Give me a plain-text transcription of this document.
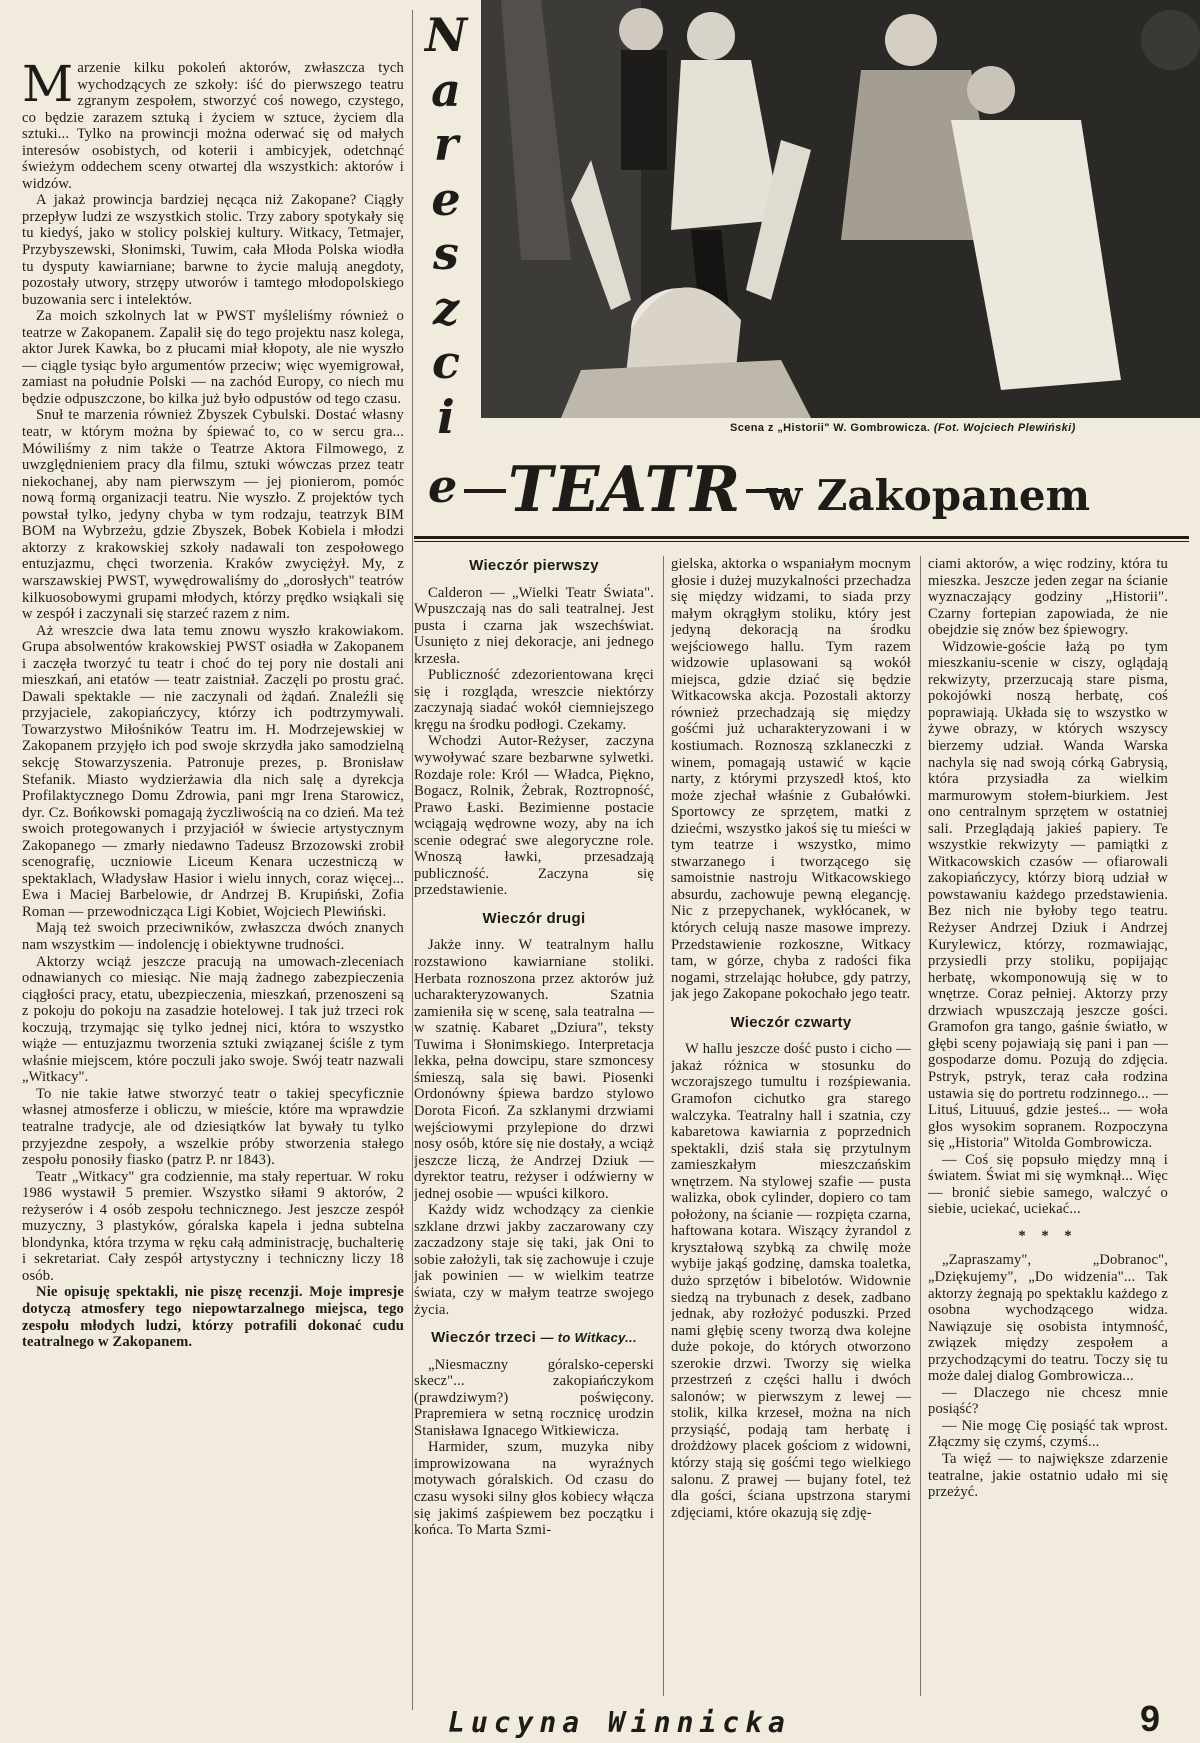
Marzenie kilku pokoleń aktorów, zwłaszcza tych wychodzących ze szkoły: iść do pierwszego teatru zgranym zespołem, stworzyć coś nowego, czystego, co będzie zarazem sztuką i życiem w sztuce, życiem dla sztuki... Tylko na prowincji można oderwać się od małych interesów osobistych, od koterii i ambicyjek, odetchnąć świeżym oddechem sceny otwartej dla wszystkich: aktorów i widzów.

A jakaż prowincja bardziej nęcąca niż Zakopane? Ciągły przepływ ludzi ze wszystkich stolic. Trzy zabory spotykały się tu kiedyś, jako w stolicy polskiej kultury. Witkacy, Tetmajer, Przybyszewski, Słonimski, Tuwim, cała Młoda Polska wiodła tu dysputy kawiarniane; barwne to życie malują anegdoty, pozostały utwory, strzępy utworów i tamtego młodopolskiego buzowania serc i intelektów.

Za moich szkolnych lat w PWST myśleliśmy również o teatrze w Zakopanem. Zapalił się do tego projektu nasz kolega, aktor Jurek Kawka, bo z płucami miał kłopoty, ale nie wyszło — ciągle tysiąc było argumentów przeciw; więc wyemigrował, zamiast na południe Polski — na zachód Europy, co niech mu będzie odpuszczone, bo kilka już było odpustów od tego czasu.

Snuł te marzenia również Zbyszek Cybulski. Dostać własny teatr, w którym można by śpiewać to, co w sercu gra... Mówiliśmy z nim także o Teatrze Aktora Filmowego, z uwzględnieniem pracy dla filmu, sztuki wówczas przez teatr niekochanej, aby nam pierwszym — jej pionierom, pomóc nową formą organizacji teatru. Nie wyszło. Z projektów tych powstał tylko, jedyny chyba w tym rodzaju, teatrzyk BIM BOM na Wybrzeżu, gdzie Zbyszek, Bobek Kobiela i młodzi aktorzy z krakowskiej szkoły nadawali ton zespołowego entuzjazmu, chęci tworzenia. Kraków zwyciężył. My, z warszawskiej PWST, wywędrowaliśmy do „dorosłych" teatrów kilkuosobowymi grupami młodych, którzy prędko wsiąkali się w zespół i zaczynali się starzeć razem z nim.

Aż wreszcie dwa lata temu znowu wyszło krakowiakom. Grupa absolwentów krakowskiej PWST osiadła w Zakopanem i zaczęła tworzyć tu teatr i choć do tej pory nie dostali ani mieszkań, ani etatów — teatr zaistniał. Zaczęli po prostu grać. Dawali spektakle — nie zaczynali od żądań. Znaleźli się przyjaciele, zakopiańczycy, którzy ich podtrzymywali. Towarzystwo Miłośników Teatru im. H. Modrzejewskiej w Zakopanem przyjęło ich pod swoje skrzydła jako samodzielną sekcję Stowarzyszenia. Patronuje prezes, p. Bronisław Stefanik. Miasto wydzierżawia dla nich salę a dyrekcja Profilaktycznego Domu Zdrowia, pani mgr Irena Starowicz, dyr. Cz. Bońkowski pomagają życzliwością na co dzień. Ma też swoich protegowanych i przyjaciół w świecie artystycznym Zakopanego — zmarły niedawno Tadeusz Brzozowski zrobił scenografię, uczniowie Liceum Kenara uczestniczą w spektaklach, Władysław Hasior i wielu innych, coraz więcej... Ewa i Maciej Barbelowie, dr Andrzej B. Krupiński, Zofia Roman — przewodnicząca Ligi Kobiet, Wojciech Plewiński.

Mają też swoich przeciwników, zwłaszcza dwóch znanych nam wszystkim — indolencję i obiektywne trudności.

Aktorzy wciąż jeszcze pracują na umowach-zleceniach odnawianych co miesiąc. Nie mają żadnego zabezpieczenia ciągłości pracy, etatu, ubezpieczenia, mieszkań, przenoszeni są z pokoju do pokoju na zasadzie hotelowej. I tak już trzeci rok koczują, trzymając się tylko jednej nici, która to wszystko wiąże — entuzjazmu tworzenia sztuki związanej ściśle z tym właśnie miejscem, które poczuli jako swoje. Swój teatr nazwali „Witkacy".

To nie takie łatwe stworzyć teatr o takiej specyficznie własnej atmosferze i obliczu, w mieście, które ma wprawdzie teatralne tradycje, ale od dziesiątków lat bywały tu tylko przyjezdne zespoły, a wszelkie próby stworzenia stałego zespołu ponosiły fiasko (patrz P. nr 1843).

Teatr „Witkacy" gra codziennie, ma stały repertuar. W roku 1986 wystawił 5 premier. Wszystko siłami 9 aktorów, 2 reżyserów i 4 osób zespołu technicznego. Jest jeszcze zespół muzyczny, 3 plastyków, góralska kapela i jedna subtelna blondynka, która trzyma w ręku całą administrację, buchalterię i sekretariat. Cały zespół artystyczny i techniczny liczy 18 osób.

Nie opisuję spektakli, nie piszę recenzji. Moje impresje dotyczą atmosfery tego niepowtarzalnego miejsca, tego zespołu młodych ludzi, którzy potrafili dokonać cudu teatralnego w Zakopanem.

N
a
r
e
s
z
c
i	Scena z „Historii" W. Gombrowicza. (Fot. Wojciech Plewiński)
e TEATR w Zakopanem
Wieczór pierwszy

Calderon — „Wielki Teatr Świata". Wpuszczają nas do sali teatralnej. Jest pusta i czarna jak wszechświat. Usunięto z niej dekoracje, ani jednego krzesła.

Publiczność zdezorientowana kręci się i rozgląda, wreszcie niektórzy zaczynają siadać wokół ciemniejszego kręgu na środku podłogi. Czekamy.

Wchodzi Autor-Reżyser, zaczyna wywoływać szare bezbarwne sylwetki. Rozdaje role: Król — Władca, Piękno, Bogacz, Rolnik, Żebrak, Roztropność, Prawo Łaski. Bezimienne postacie wciągają wędrowne wozy, aby na ich scenie odegrać swe alegoryczne role. Wnoszą ławki, przesadzają publiczność. Zaczyna się przedstawienie.

Wieczór drugi

Jakże inny. W teatralnym hallu rozstawiono kawiarniane stoliki. Herbata roznoszona przez aktorów już ucharakteryzowanych. Szatnia zamieniła się w scenę, sala teatralna — w szatnię. Kabaret „Dziura", teksty Tuwima i Słonimskiego. Interpretacja lekka, pełna dowcipu, stare szmoncesy śmieszą, sala się bawi. Piosenki Ordonówny śpiewa bardzo stylowo Dorota Ficoń. Za szklanymi drzwiami wejściowymi przylepione do drzwi nosy osób, które się nie dostały, a wciąż jeszcze liczą, że Andrzej Dziuk — dyrektor teatru, reżyser i odźwierny w jednej osobie — wpuści kilkoro.

Każdy widz wchodzący za cienkie szklane drzwi jakby zaczarowany czy zaczadzony staje się taki, jak Oni to sobie założyli, tak się zachowuje i czuje jak powinien — w wielkim teatrze świata, czy w małym teatrze swojego życia.

Wieczór trzeci — to Witkacy...

„Niesmaczny góralsko-ceperski skecz"... zakopiańczykom (prawdziwym?) poświęcony. Prapremiera w setną rocznicę urodzin Stanisława Ignacego Witkiewicza.

Harmider, szum, muzyka niby improwizowana na wyraźnych motywach góralskich. Od czasu do czasu wysoki silny głos kobiecy włącza się jakimś zaśpiewem bez początku i końca. To Marta Szmi-

gielska, aktorka o wspaniałym mocnym głosie i dużej muzykalności przechadza się między widzami, to siada przy małym okrągłym stoliku, który jest jedyną dekoracją na środku wejściowego hallu. Tym razem widzowie uplasowani są wokół miejsca, gdzie dziać się będzie Witkacowska akcja. Pozostali aktorzy również przechadzają się między gośćmi już ucharakteryzowani i w kostiumach. Roznoszą szklaneczki z winem, pomagają ustawić w kącie narty, z którymi przyszedł ktoś, kto może zjechał właśnie z Gubałówki. Sportowcy ze sprzętem, matki z dziećmi, wszystko jakoś się tu mieści w tym teatrze i wszystko, mimo stwarzanego i tworzącego się samoistnie nastroju Witkacowskiego absurdu, zachowuje pewną elegancję. Nic z przepychanek, wykłócanek, w których celują nasze masowe imprezy. Przedstawienie rozkoszne, Witkacy tam, w górze, chyba z radości fika nogami, strzelając hołubce, gdy patrzy, jak jego Zakopane pokochało jego teatr.

Wieczór czwarty

W hallu jeszcze dość pusto i cicho — jakaż różnica w stosunku do wczorajszego tumultu i rozśpiewania. Gramofon cichutko gra starego walczyka. Teatralny hall i szatnia, czy kabaretowa kawiarnia z poprzednich spektakli, dziś stała się przytulnym zamieszkałym mieszczańskim wnętrzem. Na stylowej szafie — pusta walizka, obok cylinder, dopiero co tam położony, na ścianie — rozpięta czarna, haftowana kotara. Wiszący żyrandol z kryształową szybką za chwilę może wybije jakąś godzinę, damska toaletka, dużo sprzętów i bibelotów. Widownie siedzą na trybunach z desek, zadbano jednak, aby rozłożyć poduszki. Przed nami głębię sceny tworzą dwa kolejne duże pokoje, do których otworzono szerokie drzwi. Tworzy się wielka przestrzeń z części hallu i dwóch salonów; w pierwszym z lewej — stolik, kilka krzeseł, można na nich przysiąść, podają tam herbatę i drożdżowy placek gościom z widowni, którzy stają się gośćmi tego wielkiego salonu. Z prawej — bujany fotel, też dla gości, ściana upstrzona starymi zdjęciami, które okazują się zdję-

ciami aktorów, a więc rodziny, która tu mieszka. Jeszcze jeden zegar na ścianie wyznaczający godziny „Historii". Czarny fortepian zapowiada, że nie obejdzie się znów bez śpiewogry.

Widzowie-goście łażą po tym mieszkaniu-scenie w ciszy, oglądają rekwizyty, przerzucają stare pisma, pokojówki noszą herbatę, coś poprawiają. Układa się to wszystko w żywe obrazy, w których wszyscy bierzemy udział. Wanda Warska nachyla się nad swoją córką Gabrysią, która przysiadła za wielkim marmurowym stołem-biurkiem. Jest ono centralnym sprzętem w ostatniej sali. Przeglądają jakieś papiery. Te wszystkie rekwizyty — pamiątki z Witkacowskich czasów — ofiarowali zakopiańczycy, którzy biorą udział w powstawaniu każdego przedstawienia. Bez nich nie byłoby tego teatru. Reżyser Andrzej Dziuk i Andrzej Kurylewicz, którzy, rozmawiając, przysiedli przy stoliku, popijając herbatę, wkomponowują się w to wnętrze. Coraz pełniej. Aktorzy przy drzwiach wpuszczają jeszcze gości. Gramofon gra tango, gaśnie światło, w głębi sceny pojawiają się pani i pan — gospodarze domu. Pozują do zdjęcia. Pstryk, pstryk, teraz cała rodzina ustawia się do portretu rodzinnego... — Lituś, Lituuuś, gdzie jesteś... — woła głos wysokim sopranem. Rozpoczyna się „Historia" Witolda Gombrowicza.

— Coś się popsuło między mną i światem. Świat mi się wymknął... Więc — bronić siebie samego, walczyć o siebie, uciekać, uciekać...

* * *

„Zapraszamy", „Dobranoc", „Dziękujemy", „Do widzenia"... Tak aktorzy żegnają po spektaklu każdego z osobna wychodzącego widza. Nawiązuje się osobista intymność, związek między zespołem a przychodzącymi do teatru. Toczy się tu może dalej dialog Gombrowicza...

— Dlaczego nie chcesz mnie posiąść?

— Nie mogę Cię posiąść tak wprost. Złączmy się czymś, czymś...

Ta więź — to największe zdarzenie teatralne, jakie ostatnio udało mi się przeżyć.

Lucyna Winnicka	9
